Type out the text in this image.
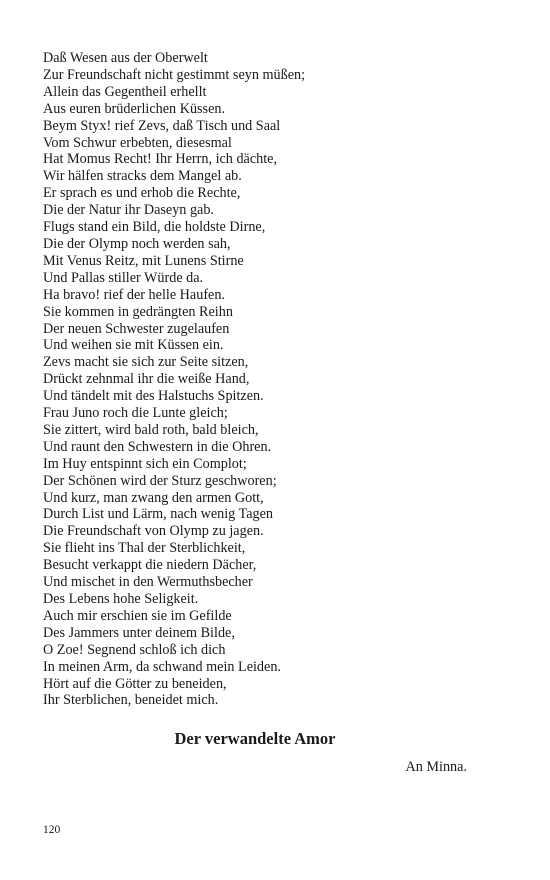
Daß Wesen aus der Oberwelt
Zur Freundschaft nicht gestimmt seyn müßen;
Allein das Gegentheil erhellt
Aus euren brüderlichen Küssen.
Beym Styx! rief Zevs, daß Tisch und Saal
Vom Schwur erbebten, diesesmal
Hat Momus Recht! Ihr Herrn, ich dächte,
Wir hälfen stracks dem Mangel ab.
Er sprach es und erhob die Rechte,
Die der Natur ihr Daseyn gab.
Flugs stand ein Bild, die holdste Dirne,
Die der Olymp noch werden sah,
Mit Venus Reitz, mit Lunens Stirne
Und Pallas stiller Würde da.
Ha bravo! rief der helle Haufen.
Sie kommen in gedrängten Reihn
Der neuen Schwester zugelaufen
Und weihen sie mit Küssen ein.
Zevs macht sie sich zur Seite sitzen,
Drückt zehnmal ihr die weiße Hand,
Und tändelt mit des Halstuchs Spitzen.
Frau Juno roch die Lunte gleich;
Sie zittert, wird bald roth, bald bleich,
Und raunt den Schwestern in die Ohren.
Im Huy entspinnt sich ein Complot;
Der Schönen wird der Sturz geschworen;
Und kurz, man zwang den armen Gott,
Durch List und Lärm, nach wenig Tagen
Die Freundschaft von Olymp zu jagen.
Sie flieht ins Thal der Sterblichkeit,
Besucht verkappt die niedern Dächer,
Und mischet in den Wermuthsbecher
Des Lebens hohe Seligkeit.
Auch mir erschien sie im Gefilde
Des Jammers unter deinem Bilde,
O Zoe! Segnend schloß ich dich
In meinen Arm, da schwand mein Leiden.
Hört auf die Götter zu beneiden,
Ihr Sterblichen, beneidet mich.
Der verwandelte Amor
An Minna.
120
